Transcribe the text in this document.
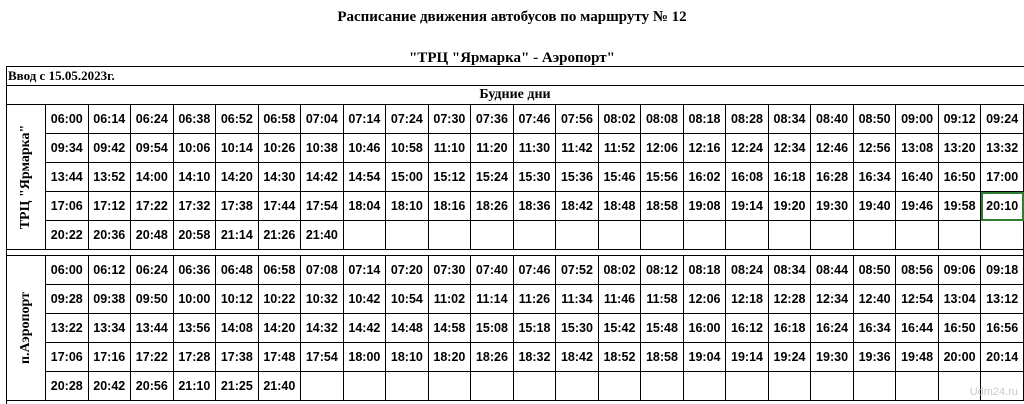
Расписание движения автобусов по маршруту № 12
"ТРЦ "Ярмарка" - Аэропорт"
Ввод с 15.05.2023г.
Будние дни
ТРЦ "Ярмарка"	06:00	06:14	06:24	06:38	06:52	06:58	07:04	07:14	07:24	07:30	07:36	07:46	07:56	08:02	08:08	08:18	08:28	08:34	08:40	08:50	09:00	09:12	09:24
	09:34	09:42	09:54	10:06	10:14	10:26	10:38	10:46	10:58	11:10	11:20	11:30	11:42	11:52	12:06	12:16	12:24	12:34	12:46	12:56	13:08	13:20	13:32
	13:44	13:52	14:00	14:10	14:20	14:30	14:42	14:54	15:00	15:12	15:24	15:30	15:36	15:46	15:56	16:02	16:08	16:18	16:28	16:34	16:40	16:50	17:00
	17:06	17:12	17:22	17:32	17:38	17:44	17:54	18:04	18:10	18:16	18:26	18:36	18:42	18:48	18:58	19:08	19:14	19:20	19:30	19:40	19:46	19:58	20:10
	20:22	20:36	20:48	20:58	21:14	21:26	21:40																

п.Аэропорт	06:00	06:12	06:24	06:36	06:48	06:58	07:08	07:14	07:20	07:30	07:40	07:46	07:52	08:02	08:12	08:18	08:24	08:34	08:44	08:50	08:56	09:06	09:18
	09:28	09:38	09:50	10:00	10:12	10:22	10:32	10:42	10:54	11:02	11:14	11:26	11:34	11:46	11:58	12:06	12:18	12:28	12:34	12:40	12:54	13:04	13:12
	13:22	13:34	13:44	13:56	14:08	14:20	14:32	14:42	14:48	14:58	15:08	15:18	15:30	15:42	15:48	16:00	16:12	16:18	16:24	16:34	16:44	16:50	16:56
	17:06	17:16	17:22	17:28	17:38	17:48	17:54	18:00	18:10	18:20	18:26	18:32	18:42	18:52	18:58	19:04	19:14	19:24	19:30	19:36	19:48	20:00	20:14
	20:28	20:42	20:56	21:10	21:25	21:40																		Udm24.ru
